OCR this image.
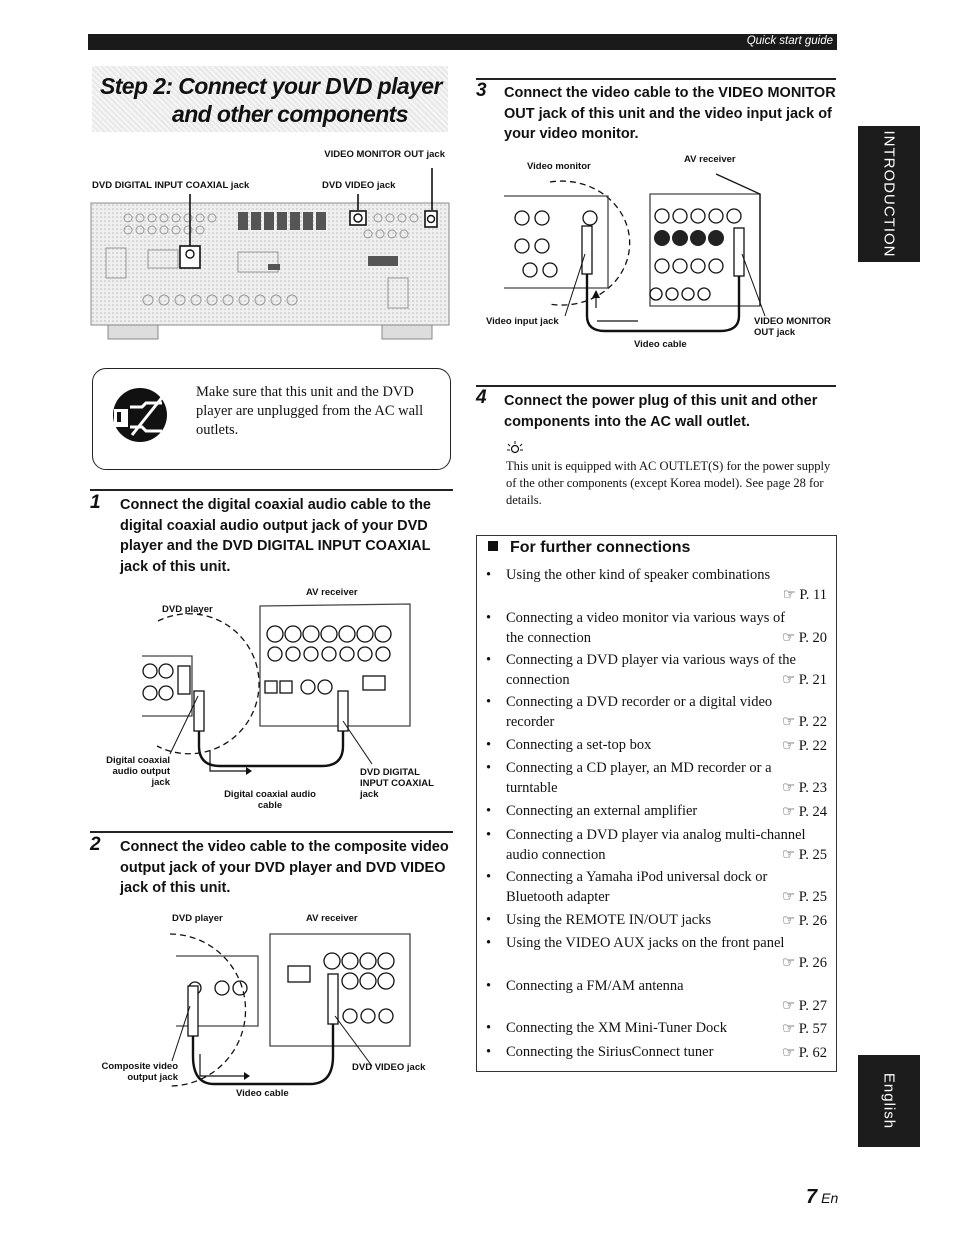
Quick start guide
Step 2: Connect your DVD player
and other components
VIDEO MONITOR OUT jack
DVD DIGITAL INPUT COAXIAL jack	DVD VIDEO jack
Make sure that this unit and the DVD player are unplugged from the AC wall outlets.
1 Connect the digital coaxial audio cable to the digital coaxial audio output jack of your DVD player and the DVD DIGITAL INPUT COAXIAL jack of this unit.
AV receiver
DVD player
Digital coaxial audio output jack
Digital coaxial audio cable
DVD DIGITAL INPUT COAXIAL jack
2 Connect the video cable to the composite video output jack of your DVD player and DVD VIDEO jack of this unit.
DVD player	AV receiver
Composite video output jack
Video cable
DVD VIDEO jack
3 Connect the video cable to the VIDEO MONITOR OUT jack of this unit and the video input jack of your video monitor.
Video monitor
AV receiver
Video input jack
Video cable
VIDEO MONITOR OUT jack
4 Connect the power plug of this unit and other components into the AC wall outlet.
This unit is equipped with AC OUTLET(S) for the power supply of the other components (except Korea model). See page 28 for details.
For further connections
• Using the other kind of speaker combinations
☞ P. 11
• Connecting a video monitor via various ways of the connection	☞ P. 20
• Connecting a DVD player via various ways of the connection	☞ P. 21
• Connecting a DVD recorder or a digital video recorder	☞ P. 22
• Connecting a set-top box	☞ P. 22
• Connecting a CD player, an MD recorder or a turntable	☞ P. 23
• Connecting an external amplifier	☞ P. 24
• Connecting a DVD player via analog multi-channel audio connection	☞ P. 25
• Connecting a Yamaha iPod universal dock or Bluetooth adapter	☞ P. 25
• Using the REMOTE IN/OUT jacks	☞ P. 26
• Using the VIDEO AUX jacks on the front panel
☞ P. 26
• Connecting a FM/AM antenna
☞ P. 27
• Connecting the XM Mini-Tuner Dock	☞ P. 57
• Connecting the SiriusConnect tuner	☞ P. 62
INTRODUCTION
English
7 En
